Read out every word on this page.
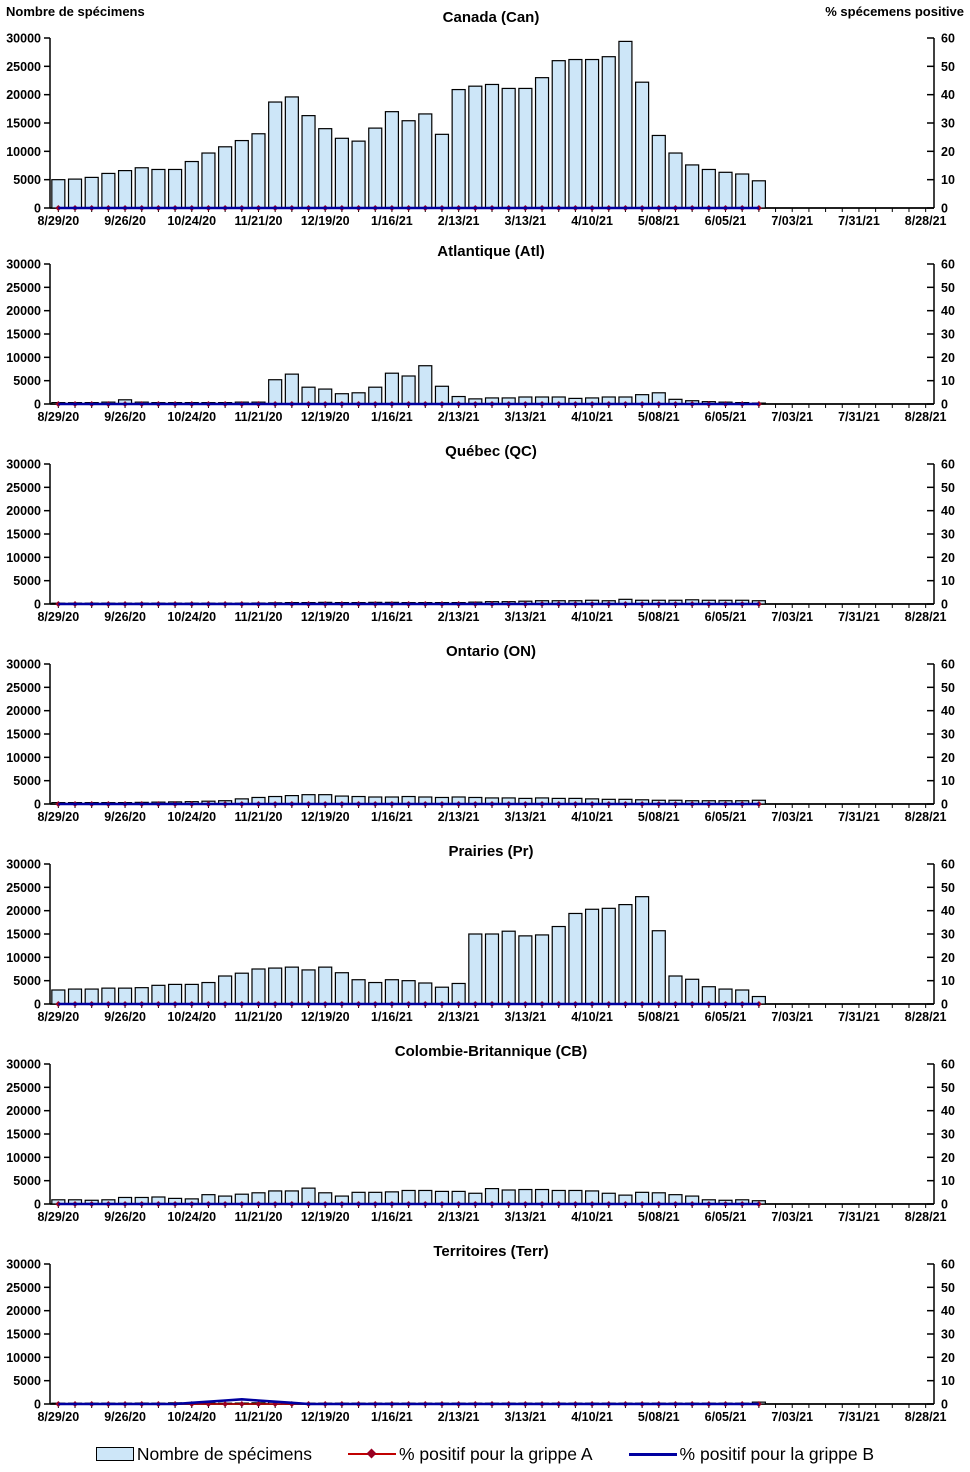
Canada (Can)
Nombre de spécimens	% spécemens positive
0
5000
10000
15000
20000
25000
30000
0
10
20
30
40
50
60
8/29/20 9/26/20 10/24/20 11/21/20 12/19/20 1/16/21 2/13/21 3/13/21 4/10/21 5/08/21 6/05/21 7/03/21 7/31/21 8/28/21
Atlantique (Atl)
0
5000
10000
15000
20000
25000
30000
0
10
20
30
40
50
60
8/29/20 9/26/20 10/24/20 11/21/20 12/19/20 1/16/21 2/13/21 3/13/21 4/10/21 5/08/21 6/05/21 7/03/21 7/31/21 8/28/21
Québec (QC)
0
5000
10000
15000
20000
25000
30000
0
10
20
30
40
50
60
8/29/20 9/26/20 10/24/20 11/21/20 12/19/20 1/16/21 2/13/21 3/13/21 4/10/21 5/08/21 6/05/21 7/03/21 7/31/21 8/28/21
Ontario (ON)
0
5000
10000
15000
20000
25000
30000
0
10
20
30
40
50
60
8/29/20 9/26/20 10/24/20 11/21/20 12/19/20 1/16/21 2/13/21 3/13/21 4/10/21 5/08/21 6/05/21 7/03/21 7/31/21 8/28/21
Prairies (Pr)
0
5000
10000
15000
20000
25000
30000
0
10
20
30
40
50
60
8/29/20 9/26/20 10/24/20 11/21/20 12/19/20 1/16/21 2/13/21 3/13/21 4/10/21 5/08/21 6/05/21 7/03/21 7/31/21 8/28/21
Colombie-Britannique (CB)
0
5000
10000
15000
20000
25000
30000
0
10
20
30
40
50
60
8/29/20 9/26/20 10/24/20 11/21/20 12/19/20 1/16/21 2/13/21 3/13/21 4/10/21 5/08/21 6/05/21 7/03/21 7/31/21 8/28/21
Territoires (Terr)
0
5000
10000
15000
20000
25000
30000
0
10
20
30
40
50
60
8/29/20 9/26/20 10/24/20 11/21/20 12/19/20 1/16/21 2/13/21 3/13/21 4/10/21 5/08/21 6/05/21 7/03/21 7/31/21 8/28/21
Nombre de spécimens	% positif pour la grippe A	% positif pour la grippe B
